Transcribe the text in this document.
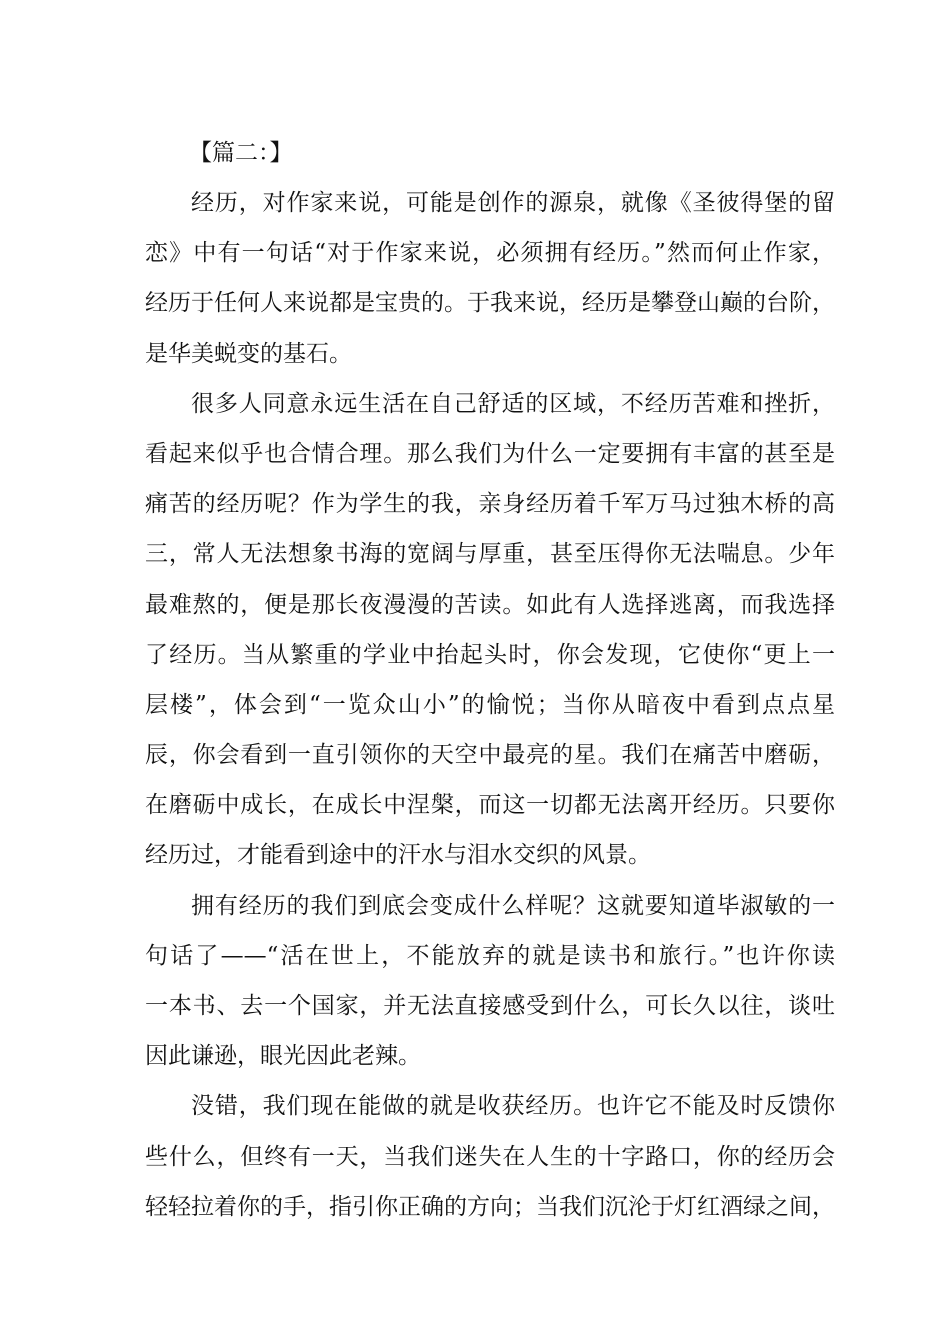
【篇二：】
经历，对作家来说，可能是创作的源泉，就像《圣彼得堡的留
恋》中有一句话“对于作家来说，必须拥有经历。”然而何止作家，
经历于任何人来说都是宝贵的。于我来说，经历是攀登山巅的台阶，
是华美蜕变的基石。
很多人同意永远生活在自己舒适的区域，不经历苦难和挫折，
看起来似乎也合情合理。那么我们为什么一定要拥有丰富的甚至是
痛苦的经历呢？作为学生的我，亲身经历着千军万马过独木桥的高
三，常人无法想象书海的宽阔与厚重，甚至压得你无法喘息。少年
最难熬的，便是那长夜漫漫的苦读。如此有人选择逃离，而我选择
了经历。当从繁重的学业中抬起头时，你会发现，它使你“更上一
层楼”，体会到“一览众山小”的愉悦；当你从暗夜中看到点点星
辰，你会看到一直引领你的天空中最亮的星。我们在痛苦中磨砺，
在磨砺中成长，在成长中涅槃，而这一切都无法离开经历。只要你
经历过，才能看到途中的汗水与泪水交织的风景。
拥有经历的我们到底会变成什么样呢？这就要知道毕淑敏的一
句话了——“活在世上，不能放弃的就是读书和旅行。”也许你读
一本书、去一个国家，并无法直接感受到什么，可长久以往，谈吐
因此谦逊，眼光因此老辣。
没错，我们现在能做的就是收获经历。也许它不能及时反馈你
些什么，但终有一天，当我们迷失在人生的十字路口，你的经历会
轻轻拉着你的手，指引你正确的方向；当我们沉沦于灯红酒绿之间，
